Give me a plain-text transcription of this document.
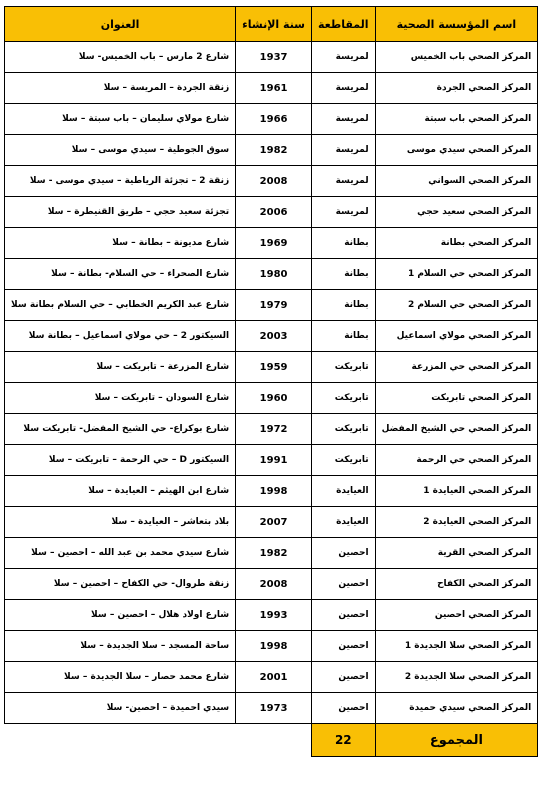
اسم المؤسسة الصحية	المقاطعة	سنة الإنشاء	العنوان
المركز الصحي باب الخميس	لمريسة	1937	شارع 2 مارس – باب الخميس- سلا
المركز الصحي الجردة	لمريسة	1961	زنقة الجردة – المريسة – سلا
المركز الصحي باب سبتة	لمريسة	1966	شارع مولاي سليمان – باب سبتة – سلا
المركز الصحي سيدي موسى	لمريسة	1982	سوق الجوطية – سيدي موسى – سلا
المركز الصحي السواني	لمريسة	2008	زنقة 2 – تجزئة الرياطية – سيدي موسى - سلا
المركز الصحي سعيد حجي	لمريسة	2006	تجزئة سعيد حجي – طريق القنيطرة – سلا
المركز الصحي بطانة	بطانة	1969	شارع مديونة – بطانة – سلا
المركز الصحي حي السلام 1	بطانة	1980	شارع الصحراء – حي السلام- بطانة – سلا
المركز الصحي حي السلام 2	بطانة	1979	شارع عبد الكريم الخطابي – حي السلام بطانة سلا
المركز الصحي مولاي اسماعيل	بطانة	2003	السيكتور 2 – حي مولاي اسماعيل – بطانة سلا
المركز الصحي حي المزرعة	تابريكت	1959	شارع المزرعة – تابريكت – سلا
المركز الصحي تابريكت	تابريكت	1960	شارع السودان – تابريكت – سلا
المركز الصحي حي الشيخ المفضل	تابريكت	1972	شارع بوكراع- حي الشيخ المفضل- تابريكت سلا
المركز الصحي حي الرحمة	تابريكت	1991	السيكتور D – حي الرحمة – تابريكت – سلا
المركز الصحي العيايدة 1	العيايدة	1998	شارع ابن الهيثم – العيايدة – سلا
المركز الصحي العيايدة 2	العيايدة	2007	بلاد بتعاشر – العيايدة – سلا
المركز الصحي القرية	احصين	1982	شارع سيدي محمد بن عبد الله – احصين – سلا
المركز الصحي الكفاح	احصين	2008	زنقة طروال- حي الكفاح – احصين – سلا
المركز الصحي احصين	احصين	1993	شارع اولاد هلال – احصين – سلا
المركز الصحي سلا الجديدة 1	احصين	1998	ساحة المسجد – سلا الجديدة – سلا
المركز الصحي سلا الجديدة 2	احصين	2001	شارع محمد حصار – سلا الجديدة – سلا
المركز الصحي سيدي حميدة	احصين	1973	سيدي احميدة – احصين- سلا
المجموع	22		
